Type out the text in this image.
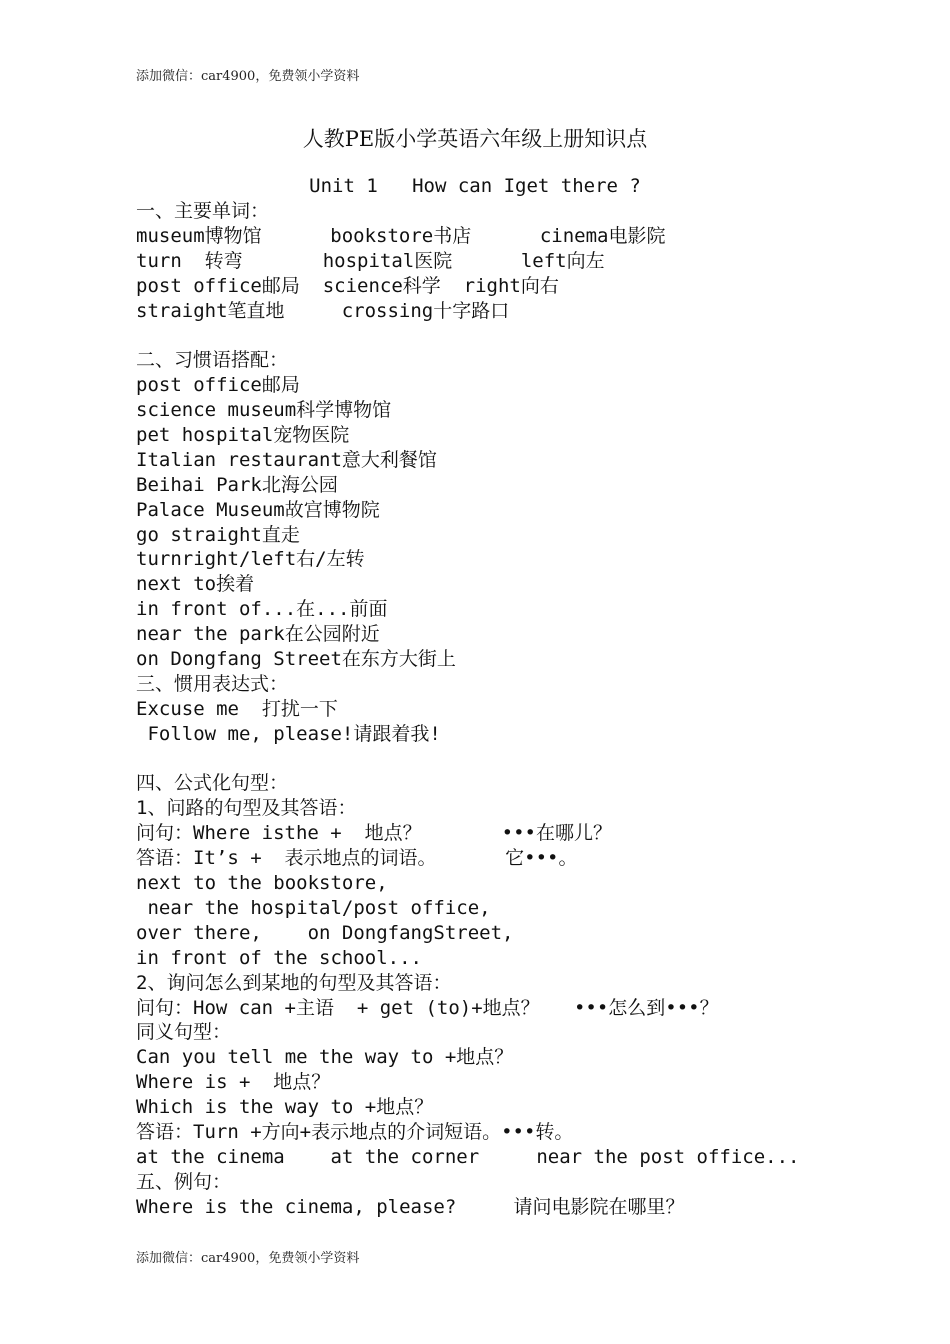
添加微信：car4900，免费领小学资料
人教PE版小学英语六年级上册知识点
Unit 1   How can Iget there ?
一、主要单词：
museum博物馆      bookstore书店      cinema电影院
turn  转弯       hospital医院      left向左
post office邮局  science科学  right向右
straight笔直地     crossing十字路口
二、习惯语搭配：
post office邮局
science museum科学博物馆
pet hospital宠物医院
Italian restaurant意大利餐馆
Beihai Park北海公园
Palace Museum故宫博物院
go straight直走
turnright/left右/左转
next to挨着
in front of...在...前面
near the park在公园附近
on Dongfang Street在东方大街上
三、惯用表达式：
Excuse me  打扰一下
Follow me, please!请跟着我!
四、公式化句型：
1、问路的句型及其答语：
问句：Where isthe +  地点？       •••在哪儿？
答语：It’s +  表示地点的词语。      它•••。
next to the bookstore,
near the hospital/post office,
over there,    on DongfangStreet,
in front of the school...
2、询问怎么到某地的句型及其答语：
问句：How can +主语  + get (to)+地点？   •••怎么到•••？
同义句型：
Can you tell me the way to +地点？
Where is +  地点？
Which is the way to +地点？
答语：Turn +方向+表示地点的介词短语。•••转。
at the cinema    at the corner     near the post office...
五、例句：
Where is the cinema, please?     请问电影院在哪里？
添加微信：car4900，免费领小学资料
